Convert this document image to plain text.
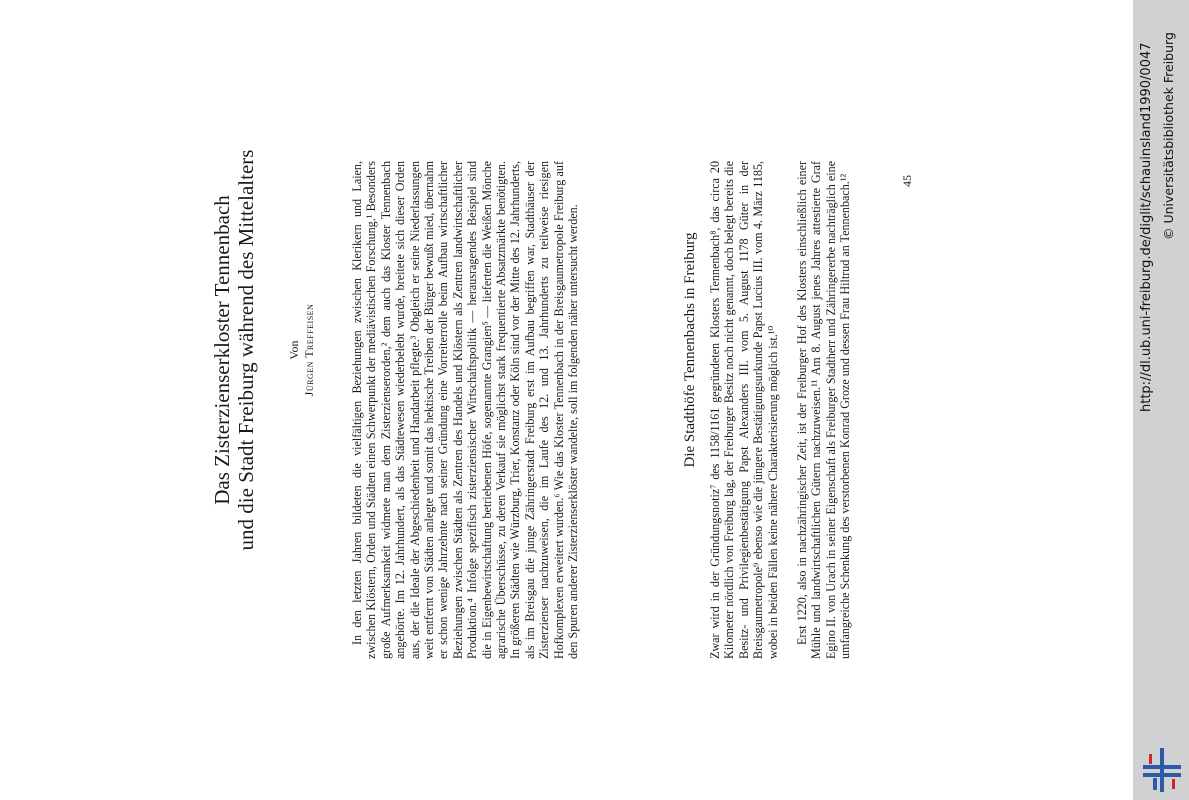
Das Zisterzienserkloster Tennenbach und die Stadt Freiburg während des Mittelalters Von Jürgen Treffeisen	In den letzten Jahren bildeten die vielfältigen Beziehungen zwischen Klerikern und Laien, zwischen Klöstern, Orden und Städten einen Schwerpunkt der mediävistischen Forschung.¹ Besonders große Aufmerksamkeit widmete man dem Zisterzienserorden,² dem auch das Kloster Tennenbach angehörte. Im 12. Jahrhundert, als das Städtewesen wiederbelebt wurde, breitete sich dieser Orden aus, der die Ideale der Abgeschiedenheit und Handarbeit pflegte.³ Obgleich er seine Niederlassungen weit entfernt von Städten anlegte und somit das hektische Treiben der Bürger bewußt mied, übernahm er schon wenige Jahrzehnte nach seiner Gründung eine Vorreiterrolle beim Aufbau wirtschaftlicher Beziehungen zwischen Städten als Zentren des Handels und Klöstern als Zentren landwirtschaftlicher Produktion.⁴ Infolge spezifisch zisterziensischer Wirtschaftspolitik — herausragendes Beispiel sind die in Eigenbewirtschaftung betriebenen Höfe, sogenannte Grangien⁵ — lieferten die Weißen Mönche agrarische Überschüsse, zu deren Verkauf sie möglichst stark frequentierte Absatzmärkte benötigten. In größeren Städten wie Würzburg, Trier, Konstanz oder Köln sind vor der Mitte des 12. Jahrhunderts, als im Breisgau die junge Zähringerstadt Freiburg erst im Aufbau begriffen war, Stadthäuser der Zisterzienser nachzuweisen, die im Laufe des 12. und 13. Jahrhunderts zu teilweise riesigen Hofkomplexen erweitert wurden.⁶ Wie das Kloster Tennenbach in der Breisgaumetropole Freiburg auf den Spuren anderer Zisterzienserklöster wandelte, soll im folgenden näher untersucht werden.	Die Stadthöfe Tennenbachs in Freiburg Zwar wird in der Gründungsnotiz⁷ des 1158/1161 gegründeten Klosters Tennenbach⁸, das circa 20 Kilometer nördlich von Freiburg lag, der Freiburger Besitz noch nicht genannt, doch belegt bereits die Besitz- und Privilegienbestätigung Papst Alexanders III. vom 5. August 1178 Güter in der Breisgaumetropole⁹ ebenso wie die jüngere Bestätigungsurkunde Papst Lucius III. vom 4. März 1185, wobei in beiden Fällen keine nähere Charakterisierung möglich ist.¹⁰ Erst 1220, also in nachzähringischer Zeit, ist der Freiburger Hof des Klosters einschließlich einer Mühle und landwirtschaftlichen Gütern nachzuweisen.¹¹ Am 8. August jenes Jahres attestierte Graf Egino II. von Urach in seiner Eigenschaft als Freiburger Stadtherr und Zähringererbe nachträglich eine umfangreiche Schenkung des verstorbenen Konrad Groze und dessen Frau Hiltrud an Tennenbach.¹²	45	http://dl.ub.uni-freiburg.de/diglit/schauinsland1990/0047 © Universitätsbibliothek Freiburg
